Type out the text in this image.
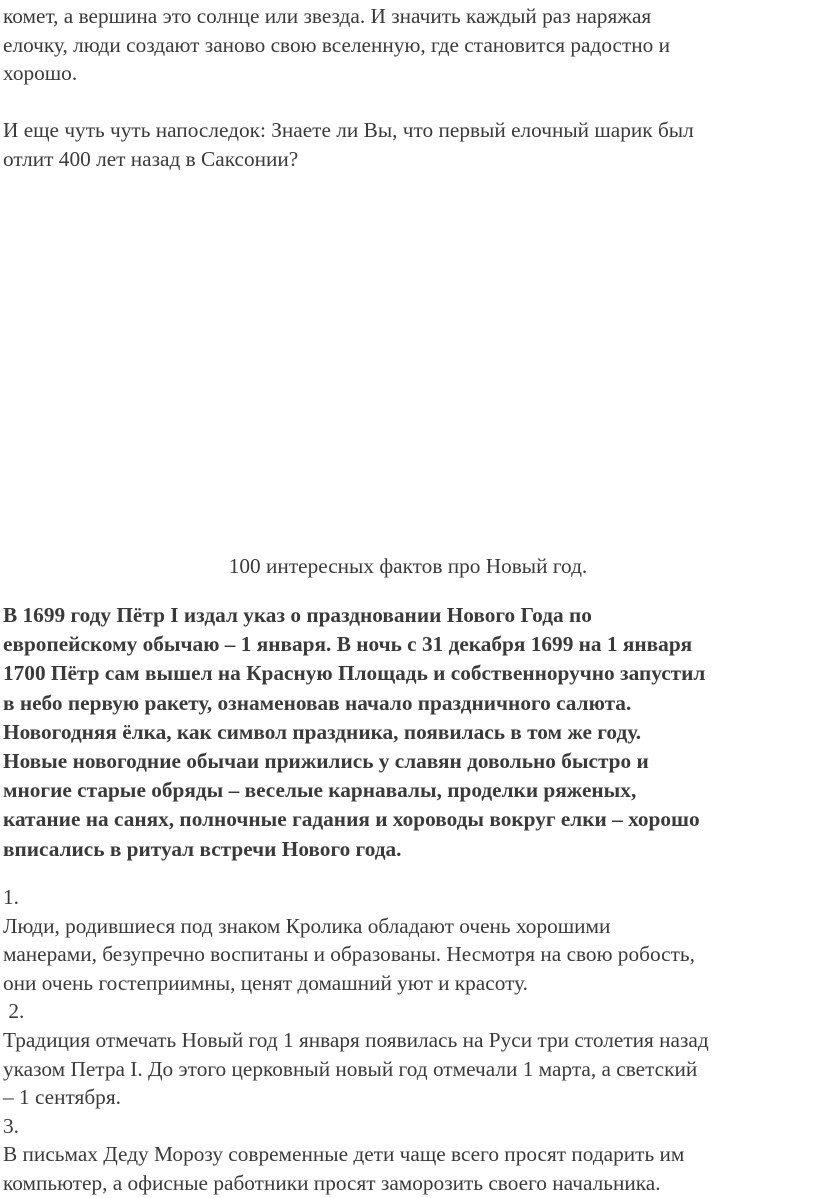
комет, а вершина это солнце или звезда. И значить каждый раз наряжая
елочку, люди создают заново свою вселенную, где становится радостно и
хорошо.

И еще чуть чуть напоследок: Знаете ли Вы, что первый елочный шарик был
отлит 400 лет назад в Саксонии?

100 интересных фактов про Новый год.
В 1699 году Пётр I издал указ о праздновании Нового Года по
европейскому обычаю – 1 января. В ночь с 31 декабря 1699 на 1 января
1700 Пётр сам вышел на Красную Площадь и собственноручно запустил
в небо первую ракету, ознаменовав начало праздничного салюта.
Новогодняя ёлка, как символ праздника, появилась в том же году.
Новые новогодние обычаи прижились у славян довольно быстро и
многие старые обряды – веселые карнавалы, проделки ряженых,
катание на санях, полночные гадания и хороводы вокруг елки – хорошо
вписались в ритуал встречи Нового года.
1.
Люди, родившиеся под знаком Кролика обладают очень хорошими
манерами, безупречно воспитаны и образованы. Несмотря на свою робость,
они очень гостеприимны, ценят домашний уют и красоту.
2.
Традиция отмечать Новый год 1 января появилась на Руси три столетия назад
указом Петра I. До этого церковный новый год отмечали 1 марта, а светский
– 1 сентября.
3.
В письмах Деду Морозу современные дети чаще всего просят подарить им
компьютер, а офисные работники просят заморозить своего начальника.
